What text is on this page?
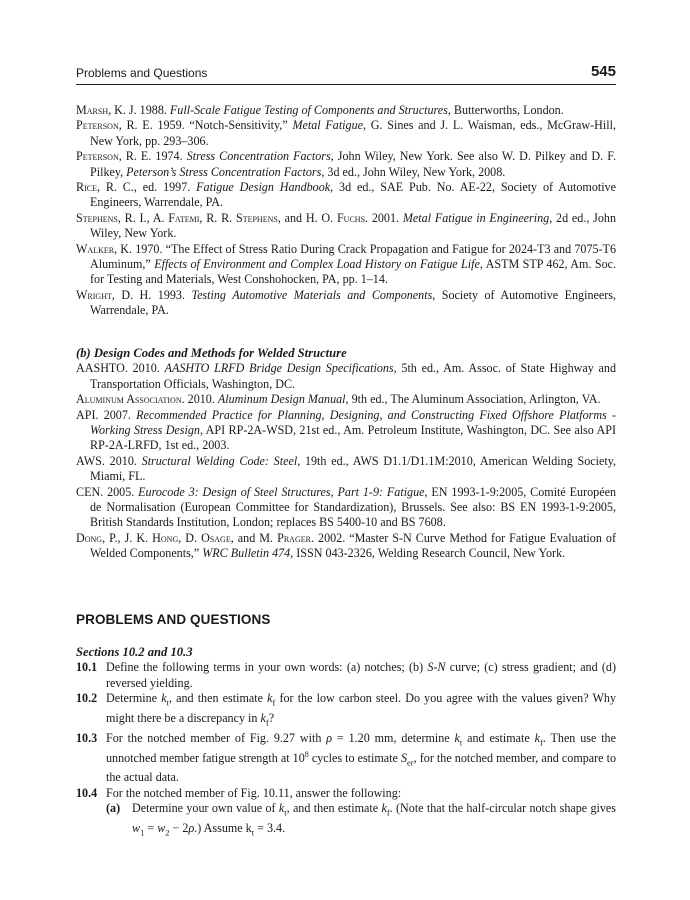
Problems and Questions	545

Marsh, K. J. 1988. Full-Scale Fatigue Testing of Components and Structures, Butterworths, London.

Peterson, R. E. 1959. “Notch-Sensitivity,” Metal Fatigue, G. Sines and J. L. Waisman, eds., McGraw-Hill, New York, pp. 293–306.

Peterson, R. E. 1974. Stress Concentration Factors, John Wiley, New York. See also W. D. Pilkey and D. F. Pilkey, Peterson’s Stress Concentration Factors, 3d ed., John Wiley, New York, 2008.

Rice, R. C., ed. 1997. Fatigue Design Handbook, 3d ed., SAE Pub. No. AE-22, Society of Automotive Engineers, Warrendale, PA.

Stephens, R. I., A. Fatemi, R. R. Stephens, and H. O. Fuchs. 2001. Metal Fatigue in Engineering, 2d ed., John Wiley, New York.

Walker, K. 1970. “The Effect of Stress Ratio During Crack Propagation and Fatigue for 2024-T3 and 7075-T6 Aluminum,” Effects of Environment and Complex Load History on Fatigue Life, ASTM STP 462, Am. Soc. for Testing and Materials, West Conshohocken, PA, pp. 1–14.

Wright, D. H. 1993. Testing Automotive Materials and Components, Society of Automotive Engineers, Warrendale, PA.

(b) Design Codes and Methods for Welded Structure

AASHTO. 2010. AASHTO LRFD Bridge Design Specifications, 5th ed., Am. Assoc. of State Highway and Transportation Officials, Washington, DC.

Aluminum Association. 2010. Aluminum Design Manual, 9th ed., The Aluminum Association, Arlington, VA.

API. 2007. Recommended Practice for Planning, Designing, and Constructing Fixed Offshore Platforms - Working Stress Design, API RP-2A-WSD, 21st ed., Am. Petroleum Institute, Washington, DC. See also API RP-2A-LRFD, 1st ed., 2003.

AWS. 2010. Structural Welding Code: Steel, 19th ed., AWS D1.1/D1.1M:2010, American Welding Society, Miami, FL.

CEN. 2005. Eurocode 3: Design of Steel Structures, Part 1-9: Fatigue, EN 1993-1-9:2005, Comité Européen de Normalisation (European Committee for Standardization), Brussels. See also: BS EN 1993-1-9:2005, British Standards Institution, London; replaces BS 5400-10 and BS 7608.

Dong, P., J. K. Hong, D. Osage, and M. Prager. 2002. “Master S-N Curve Method for Fatigue Evaluation of Welded Components,” WRC Bulletin 474, ISSN 043-2326, Welding Research Council, New York.

PROBLEMS AND QUESTIONS

Sections 10.2 and 10.3

10.1 Define the following terms in your own words: (a) notches; (b) S-N curve; (c) stress gradient; and (d) reversed yielding.

10.2 Determine $k_t$, and then estimate $k_f$ for the low carbon steel. Do you agree with the values given? Why might there be a discrepancy in $k_f$?

10.3 For the notched member of Fig. 9.27 with ρ = 1.20 mm, determine $k_t$ and estimate $k_f$. Then use the unnotched member fatigue strength at $10^8$ cycles to estimate $S_{er}$, for the notched member, and compare to the actual data.

10.4 For the notched member of Fig. 10.11, answer the following:

(a) Determine your own value of $k_t$, and then estimate $k_f$. (Note that the half-circular notch shape gives $w_1 = w_2 - 2\rho$.) Assume $k_t = 3.4$.
